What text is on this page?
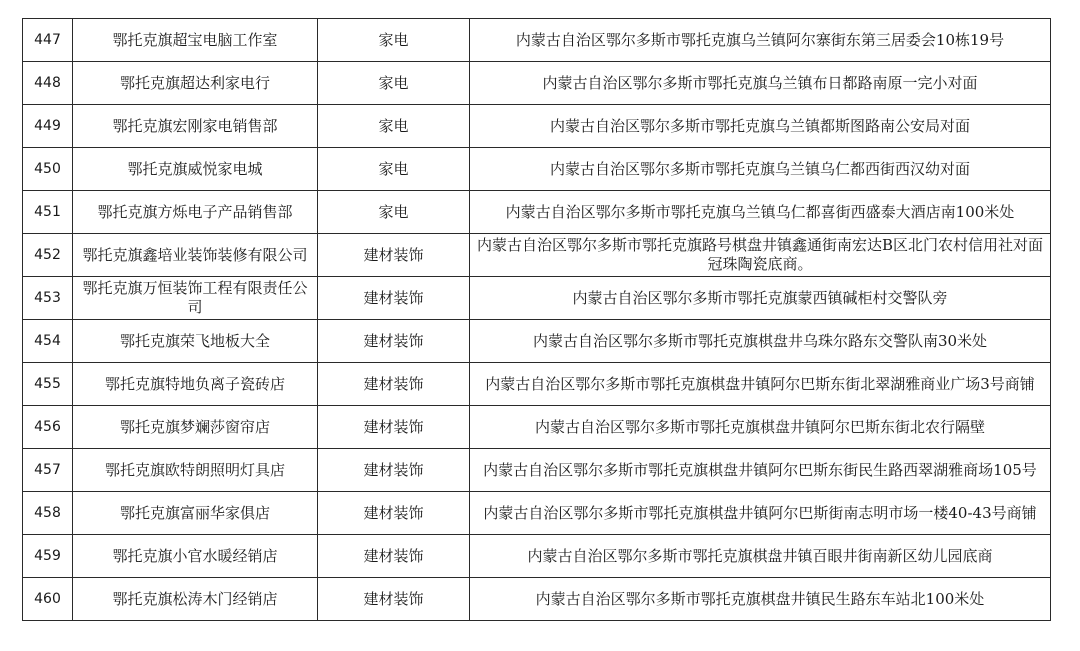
447	鄂托克旗超宝电脑工作室	家电	内蒙古自治区鄂尔多斯市鄂托克旗乌兰镇阿尔寨街东第三居委会10栋19号
448	鄂托克旗超达利家电行	家电	内蒙古自治区鄂尔多斯市鄂托克旗乌兰镇布日都路南原一完小对面
449	鄂托克旗宏刚家电销售部	家电	内蒙古自治区鄂尔多斯市鄂托克旗乌兰镇都斯图路南公安局对面
450	鄂托克旗威悦家电城	家电	内蒙古自治区鄂尔多斯市鄂托克旗乌兰镇乌仁都西街西汉幼对面
451	鄂托克旗方烁电子产品销售部	家电	内蒙古自治区鄂尔多斯市鄂托克旗乌兰镇乌仁都喜街西盛泰大酒店南100米处
452	鄂托克旗鑫培业装饰装修有限公司	建材装饰	内蒙古自治区鄂尔多斯市鄂托克旗路号棋盘井镇鑫通街南宏达B区北门农村信用社对面冠珠陶瓷底商。
453	鄂托克旗万恒装饰工程有限责任公司	建材装饰	内蒙古自治区鄂尔多斯市鄂托克旗蒙西镇碱柜村交警队旁
454	鄂托克旗荣飞地板大全	建材装饰	内蒙古自治区鄂尔多斯市鄂托克旗棋盘井乌珠尔路东交警队南30米处
455	鄂托克旗特地负离子瓷砖店	建材装饰	内蒙古自治区鄂尔多斯市鄂托克旗棋盘井镇阿尔巴斯东街北翠湖雅商业广场3号商铺
456	鄂托克旗梦斓莎窗帘店	建材装饰	内蒙古自治区鄂尔多斯市鄂托克旗棋盘井镇阿尔巴斯东街北农行隔壁
457	鄂托克旗欧特朗照明灯具店	建材装饰	内蒙古自治区鄂尔多斯市鄂托克旗棋盘井镇阿尔巴斯东街民生路西翠湖雅商场105号
458	鄂托克旗富丽华家俱店	建材装饰	内蒙古自治区鄂尔多斯市鄂托克旗棋盘井镇阿尔巴斯街南志明市场一楼40-43号商铺
459	鄂托克旗小官水暖经销店	建材装饰	内蒙古自治区鄂尔多斯市鄂托克旗棋盘井镇百眼井街南新区幼儿园底商
460	鄂托克旗松涛木门经销店	建材装饰	内蒙古自治区鄂尔多斯市鄂托克旗棋盘井镇民生路东车站北100米处
